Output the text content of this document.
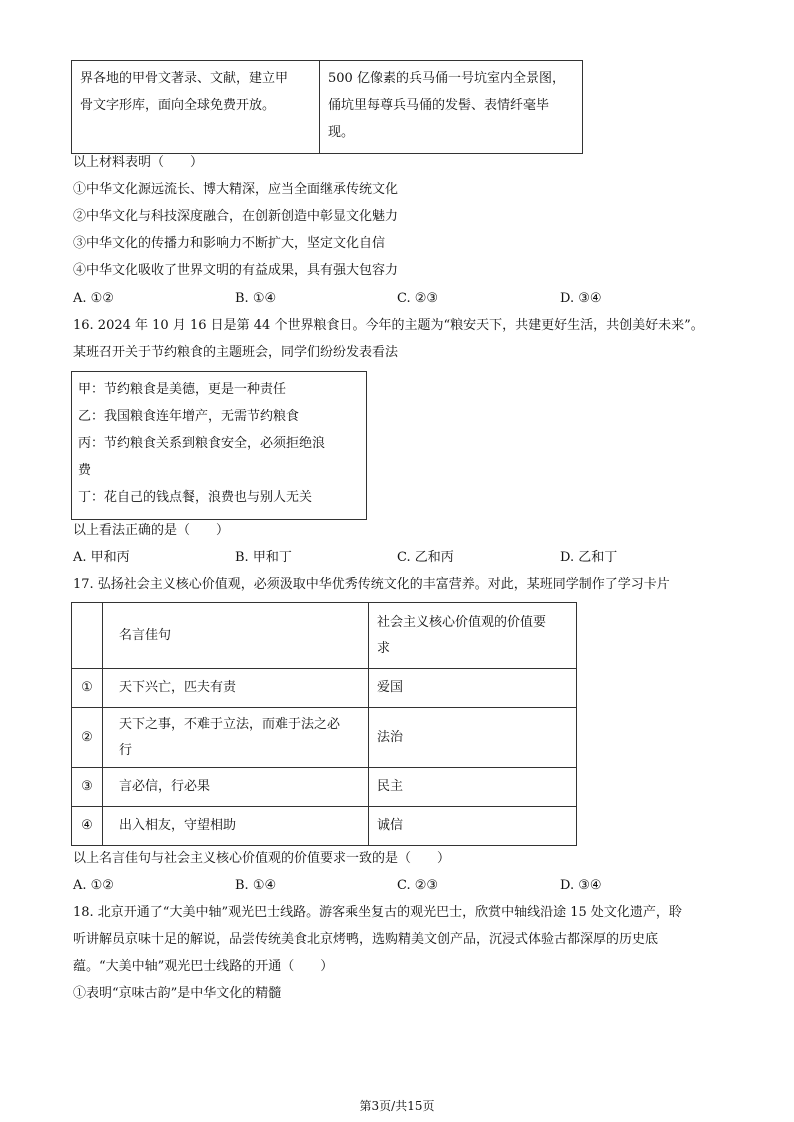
界各地的甲骨文著录、文献，建立甲
骨文字形库，面向全球免费开放。

500 亿像素的兵马俑一号坑室内全景图，
俑坑里每尊兵马俑的发髻、表情纤毫毕
现。
以上材料表明（　　）
①中华文化源远流长、博大精深，应当全面继承传统文化
②中华文化与科技深度融合，在创新创造中彰显文化魅力
③中华文化的传播力和影响力不断扩大，坚定文化自信
④中华文化吸收了世界文明的有益成果，具有强大包容力
A. ①②	B. ①④	C. ②③	D. ③④
16. 2024 年 10 月 16 日是第 44 个世界粮食日。今年的主题为“粮安天下，共建更好生活，共创美好未来”。
某班召开关于节约粮食的主题班会，同学们纷纷发表看法
甲：节约粮食是美德，更是一种责任
乙：我国粮食连年增产，无需节约粮食
丙：节约粮食关系到粮食安全，必须拒绝浪
费
丁：花自己的钱点餐，浪费也与别人无关
以上看法正确的是（　　）
A. 甲和丙	B. 甲和丁	C. 乙和丙	D. 乙和丁
17. 弘扬社会主义核心价值观，必须汲取中华优秀传统文化的丰富营养。对此，某班同学制作了学习卡片
	名言佳句	社会主义核心价值观的价值要
求

①	天下兴亡，匹夫有责	爱国
②	天下之事，不难于立法，而难于法之必
行	法治
③	言必信，行必果	民主
④	出入相友，守望相助	诚信
以上名言佳句与社会主义核心价值观的价值要求一致的是（　　）
A. ①②	B. ①④	C. ②③	D. ③④
18. 北京开通了“大美中轴”观光巴士线路。游客乘坐复古的观光巴士，欣赏中轴线沿途 15 处文化遗产，聆
听讲解员京味十足的解说，品尝传统美食北京烤鸭，选购精美文创产品，沉浸式体验古都深厚的历史底
蕴。“大美中轴”观光巴士线路的开通（　　）
①表明“京味古韵”是中华文化的精髓
第3页/共15页
